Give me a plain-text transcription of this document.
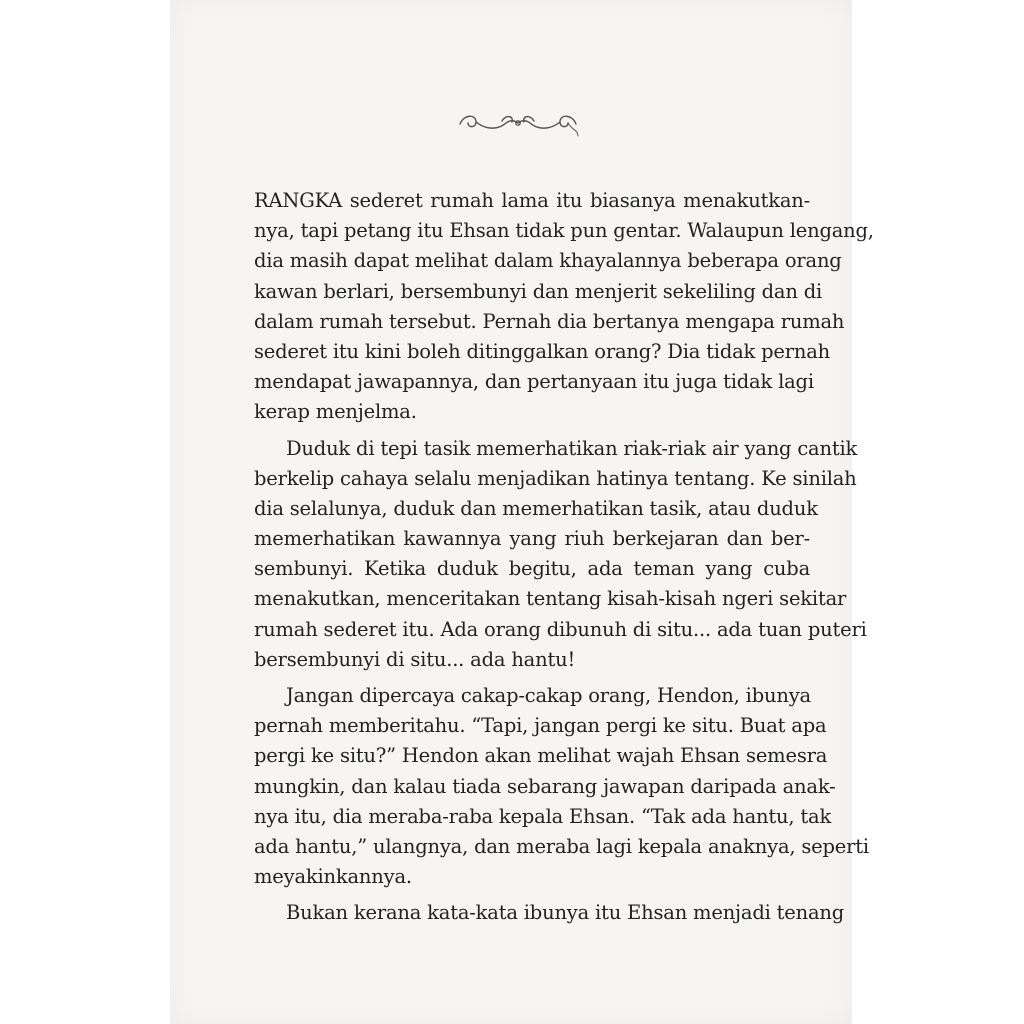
RANGKA sederet rumah lama itu biasanya menakutkan-
nya, tapi petang itu Ehsan tidak pun gentar. Walaupun lengang,
dia masih dapat melihat dalam khayalannya beberapa orang
kawan berlari, bersembunyi dan menjerit sekeliling dan di
dalam rumah tersebut. Pernah dia bertanya mengapa rumah
sederet itu kini boleh ditinggalkan orang? Dia tidak pernah
mendapat jawapannya, dan pertanyaan itu juga tidak lagi
kerap menjelma.
Duduk di tepi tasik memerhatikan riak-riak air yang cantik
berkelip cahaya selalu menjadikan hatinya tentang. Ke sinilah
dia selalunya, duduk dan memerhatikan tasik, atau duduk
memerhatikan kawannya yang riuh berkejaran dan ber-
sembunyi. Ketika duduk begitu, ada teman yang cuba
menakutkan, menceritakan tentang kisah-kisah ngeri sekitar
rumah sederet itu. Ada orang dibunuh di situ... ada tuan puteri
bersembunyi di situ... ada hantu!
Jangan dipercaya cakap-cakap orang, Hendon, ibunya
pernah memberitahu. “Tapi, jangan pergi ke situ. Buat apa
pergi ke situ?” Hendon akan melihat wajah Ehsan semesra
mungkin, dan kalau tiada sebarang jawapan daripada anak-
nya itu, dia meraba-raba kepala Ehsan. “Tak ada hantu, tak
ada hantu,” ulangnya, dan meraba lagi kepala anaknya, seperti
meyakinkannya.
Bukan kerana kata-kata ibunya itu Ehsan menjadi tenang
